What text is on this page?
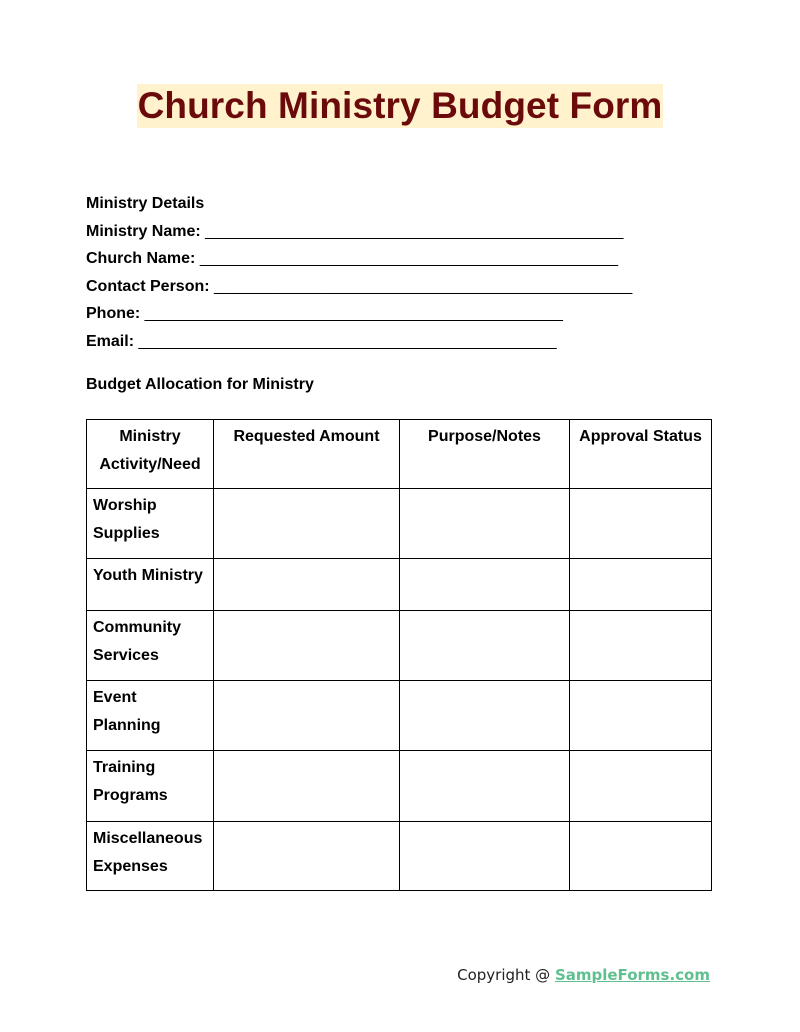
Church Ministry Budget Form
Ministry Details
Ministry Name: _______________________________________________
Church Name: _______________________________________________
Contact Person: _______________________________________________
Phone: _______________________________________________
Email: _______________________________________________
Budget Allocation for Ministry
Ministry Activity/Need	Requested Amount	Purpose/Notes	Approval Status
Worship Supplies			
Youth Ministry			
Community Services			
Event Planning			
Training Programs			
Miscellaneous Expenses			
Copyright @ SampleForms.com
